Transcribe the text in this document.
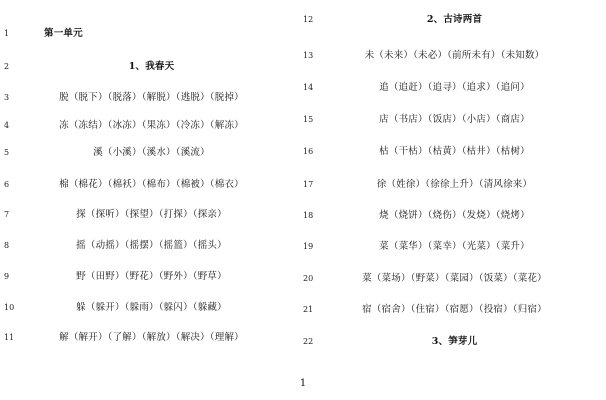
1	第一单元
2	1、我春天
3	脱（脱下）（脱落）（解脱）（逃脱）（脱掉）
4	冻（冻结）（冰冻）（果冻）（冷冻）（解冻）
5	溪（小溪）（溪水）（溪流）
6	棉（棉花）（棉袄）（棉布）（棉被）（棉衣）
7	探（探听）（探望）（打探）（探亲）
8	摇（动摇）（摇摆）（摇篮）（摇头）
9	野（田野）（野花）（野外）（野草）
10	躲（躲开）（躲雨）（躲闪）（躲藏）
11	解（解开）（了解）（解放）（解决）（理解）
12	2、古诗两首
13	未（未来）（未必）（前所未有）（未知数）
14	追（追赶）（追寻）（追求）（追问）
15	店（书店）（饭店）（小店）（商店）
16	枯（干枯）（枯黄）（枯井）（枯树）
17	徐（姓徐）（徐徐上升）（清风徐来）
18	烧（烧饼）（烧伤）（发烧）（烧烤）
19	菜（菜华）（菜幸）（光菜）（菜升）
20	菜（菜场）（野菜）（菜园）（饭菜）（菜花）
21	宿（宿舍）（住宿）（宿愿）（投宿）（归宿）
22	3、笋芽儿
1
